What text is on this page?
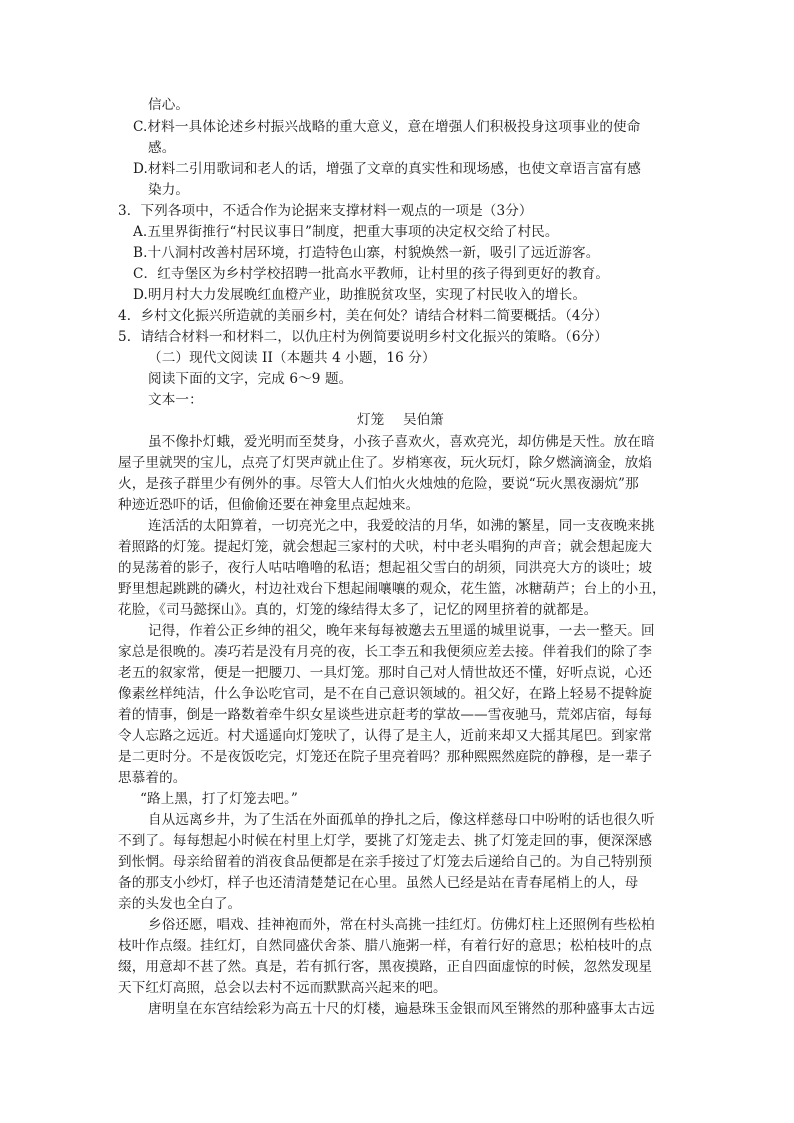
信心。
C.材料一具体论述乡村振兴战略的重大意义，意在增强人们积极投身这项事业的使命
感。
D.材料二引用歌词和老人的话，增强了文章的真实性和现场感，也使文章语言富有感
染力。
3．下列各项中，不适合作为论据来支撑材料一观点的一项是（3分）
A.五里界街推行“村民议事日”制度，把重大事项的决定权交给了村民。
B.十八洞村改善村居环境，打造特色山寨，村貌焕然一新，吸引了远近游客。
C．红寺堡区为乡村学校招聘一批高水平教师，让村里的孩子得到更好的教育。
D.明月村大力发展晚红血橙产业，助推脱贫攻坚，实现了村民收入的增长。
4．乡村文化振兴所造就的美丽乡村，美在何处？请结合材料二简要概括。（4分）
5．请结合材料一和材料二，以仇庄村为例简要说明乡村文化振兴的策略。（6分）
（二）现代文阅读 II（本题共 4 小题，16 分）
阅读下面的文字，完成 6～9 题。
文本一：
灯笼 吴伯箫
虽不像扑灯蛾，爱光明而至焚身，小孩子喜欢火，喜欢亮光，却仿佛是天性。放在暗
屋子里就哭的宝儿，点亮了灯哭声就止住了。岁梢寒夜，玩火玩灯，除夕燃滴滴金，放焰
火，是孩子群里少有例外的事。尽管大人们怕火火烛烛的危险，要说“玩火黑夜溺炕”那
种迹近恐吓的话，但偷偷还要在神龛里点起烛来。
连活活的太阳算着，一切亮光之中，我爱皎洁的月华，如沸的繁星，同一支夜晚来挑
着照路的灯笼。提起灯笼，就会想起三家村的犬吠，村中老头唱狗的声音；就会想起庞大
的晃荡着的影子，夜行人咕咕噜噜的私语；想起祖父雪白的胡须，同洪亮大方的谈吐；坡
野里想起跳跳的磷火，村边社戏台下想起闹嚷嚷的观众，花生篮，冰糖葫芦；台上的小丑，
花脸，《司马懿探山》。真的，灯笼的缘结得太多了，记忆的网里挤着的就都是。
记得，作着公正乡绅的祖父，晚年来每每被邀去五里遥的城里说事，一去一整天。回
家总是很晚的。凑巧若是没有月亮的夜，长工李五和我便须应差去接。伴着我们的除了李
老五的叙家常，便是一把腰刀、一具灯笼。那时自己对人情世故还不懂，好听点说，心还
像素丝样纯洁，什么争讼吃官司，是不在自己意识领域的。祖父好，在路上轻易不提斡旋
着的情事，倒是一路数着牵牛织女星谈些进京赶考的掌故——雪夜驰马，荒郊店宿，每每
令人忘路之远近。村犬遥遥向灯笼吠了，认得了是主人，近前来却又大摇其尾巴。到家常
是二更时分。不是夜饭吃完，灯笼还在院子里亮着吗？那种熙熙然庭院的静穆，是一辈子
思慕着的。
“路上黑，打了灯笼去吧。”
自从远离乡井，为了生活在外面孤单的挣扎之后，像这样慈母口中吩咐的话也很久听
不到了。每每想起小时候在村里上灯学，要挑了灯笼走去、挑了灯笼走回的事，便深深感
到怅惘。母亲给留着的消夜食品便都是在亲手接过了灯笼去后递给自己的。为自己特别预
备的那支小纱灯，样子也还清清楚楚记在心里。虽然人已经是站在青春尾梢上的人，母
亲的头发也全白了。
乡俗还愿，唱戏、挂神袍而外，常在村头高挑一挂红灯。仿佛灯柱上还照例有些松柏
枝叶作点缀。挂红灯，自然同盛伏舍茶、腊八施粥一样，有着行好的意思；松柏枝叶的点
缀，用意却不甚了然。真是，若有抓行客，黑夜摸路，正自四面虚惊的时候，忽然发现星
天下红灯高照，总会以去村不远而默默高兴起来的吧。
唐明皇在东宫结绘彩为高五十尺的灯楼，遍悬珠玉金银而风至锵然的那种盛事太古远
